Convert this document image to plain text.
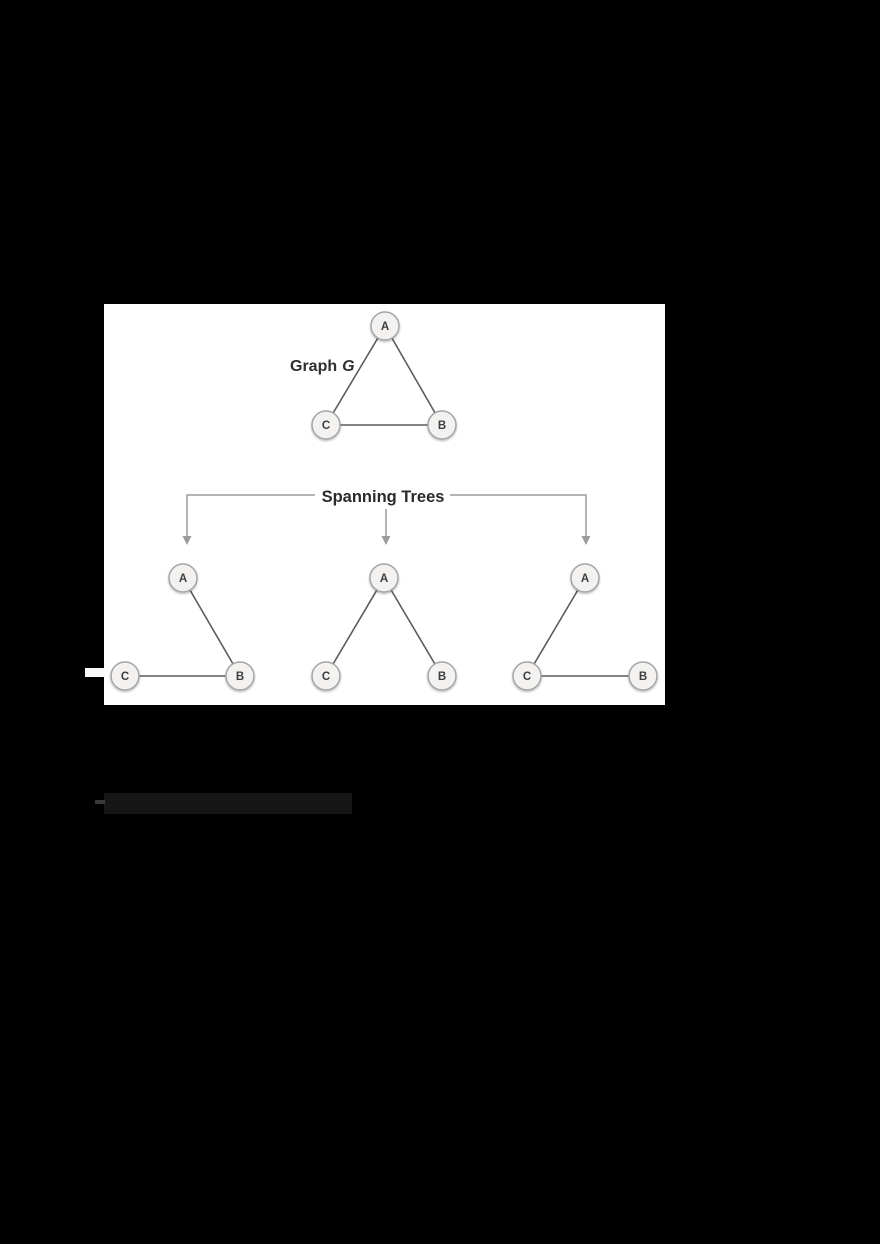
A
C	B
Graph G
Spanning Trees
A
C	B
A
C	B
A
C	B
